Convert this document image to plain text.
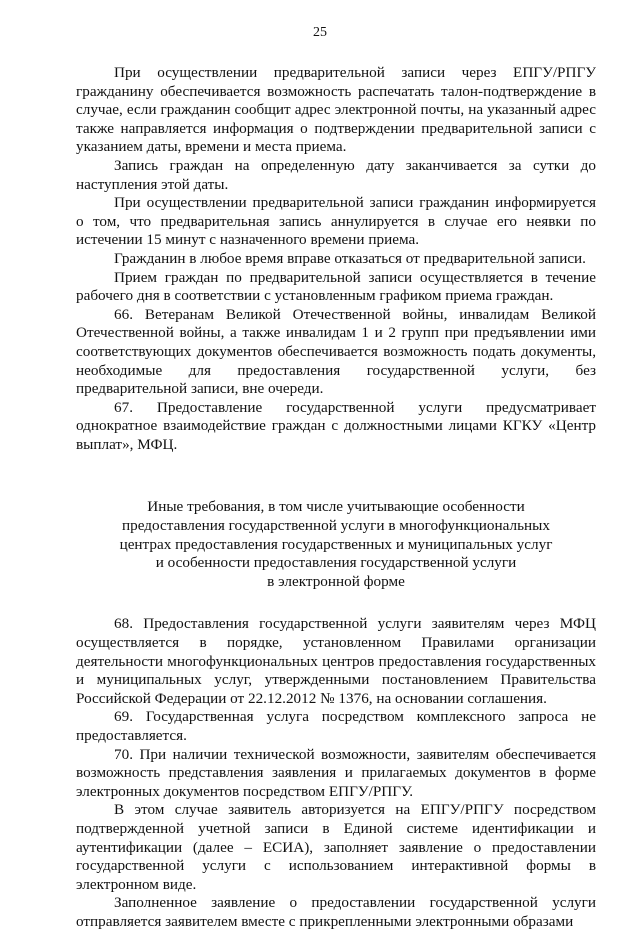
25

При осуществлении предварительной записи через ЕПГУ/РПГУ гражданину обеспечивается возможность распечатать талон-подтверждение в случае, если гражданин сообщит адрес электронной почты, на указанный адрес также направляется информация о подтверждении предварительной записи с указанием даты, времени и места приема.

Запись граждан на определенную дату заканчивается за сутки до наступления этой даты.

При осуществлении предварительной записи гражданин информируется о том, что предварительная запись аннулируется в случае его неявки по истечении 15 минут с назначенного времени приема.

Гражданин в любое время вправе отказаться от предварительной записи.

Прием граждан по предварительной записи осуществляется в течение рабочего дня в соответствии с установленным графиком приема граждан.

66. Ветеранам Великой Отечественной войны, инвалидам Великой Отечественной войны, а также инвалидам 1 и 2 групп при предъявлении ими соответствующих документов обеспечивается возможность подать документы, необходимые для предоставления государственной услуги, без предварительной записи, вне очереди.

67. Предоставление государственной услуги предусматривает однократное взаимодействие граждан с должностными лицами КГКУ «Центр выплат», МФЦ.

Иные требования, в том числе учитывающие особенности
предоставления государственной услуги в многофункциональных
центрах предоставления государственных и муниципальных услуг
и особенности предоставления государственной услуги
в электронной форме

68. Предоставления государственной услуги заявителям через МФЦ осуществляется в порядке, установленном Правилами организации деятельности многофункциональных центров предоставления государственных и муниципальных услуг, утвержденными постановлением Правительства Российской Федерации от 22.12.2012 № 1376, на основании соглашения.

69. Государственная услуга посредством комплексного запроса не предоставляется.

70. При наличии технической возможности, заявителям обеспечивается возможность представления заявления и прилагаемых документов в форме электронных документов посредством ЕПГУ/РПГУ.

В этом случае заявитель авторизуется на ЕПГУ/РПГУ посредством подтвержденной учетной записи в Единой системе идентификации и аутентификации (далее – ЕСИА), заполняет заявление о предоставлении государственной услуги с использованием интерактивной формы в электронном виде.

Заполненное заявление о предоставлении государственной услуги отправляется заявителем вместе с прикрепленными электронными образами
